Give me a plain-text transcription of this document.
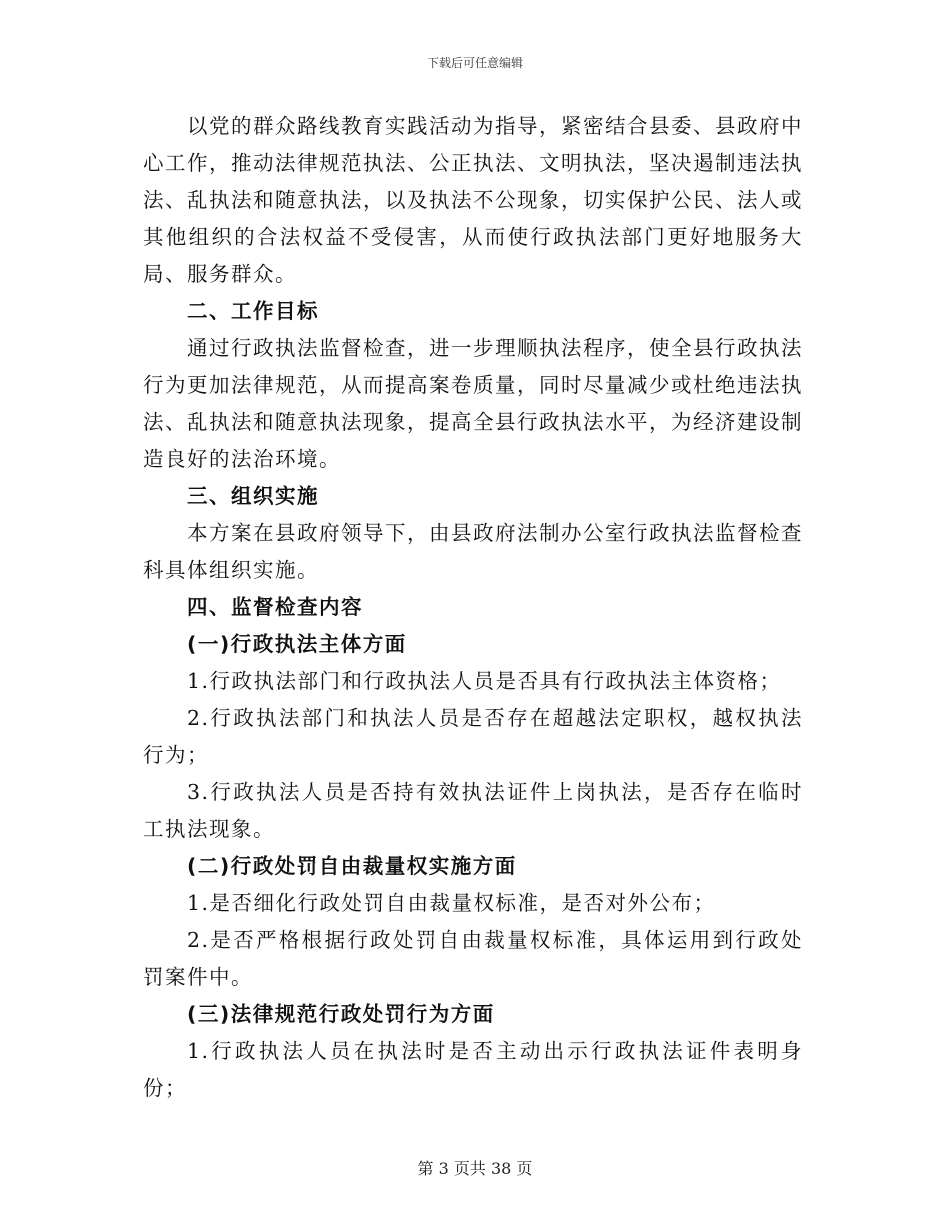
下载后可任意编辑

以党的群众路线教育实践活动为指导，紧密结合县委、县政府中心工作，推动法律规范执法、公正执法、文明执法，坚决遏制违法执法、乱执法和随意执法，以及执法不公现象，切实保护公民、法人或其他组织的合法权益不受侵害，从而使行政执法部门更好地服务大局、服务群众。

二、工作目标

通过行政执法监督检查，进一步理顺执法程序，使全县行政执法行为更加法律规范，从而提高案卷质量，同时尽量减少或杜绝违法执法、乱执法和随意执法现象，提高全县行政执法水平，为经济建设制造良好的法治环境。

三、组织实施

本方案在县政府领导下，由县政府法制办公室行政执法监督检查科具体组织实施。

四、监督检查内容

(一)行政执法主体方面

1.行政执法部门和行政执法人员是否具有行政执法主体资格；

2.行政执法部门和执法人员是否存在超越法定职权，越权执法行为；

3.行政执法人员是否持有效执法证件上岗执法，是否存在临时工执法现象。

(二)行政处罚自由裁量权实施方面

1.是否细化行政处罚自由裁量权标准，是否对外公布；

2.是否严格根据行政处罚自由裁量权标准，具体运用到行政处罚案件中。

(三)法律规范行政处罚行为方面

1.行政执法人员在执法时是否主动出示行政执法证件表明身份；

第 3 页共 38 页
